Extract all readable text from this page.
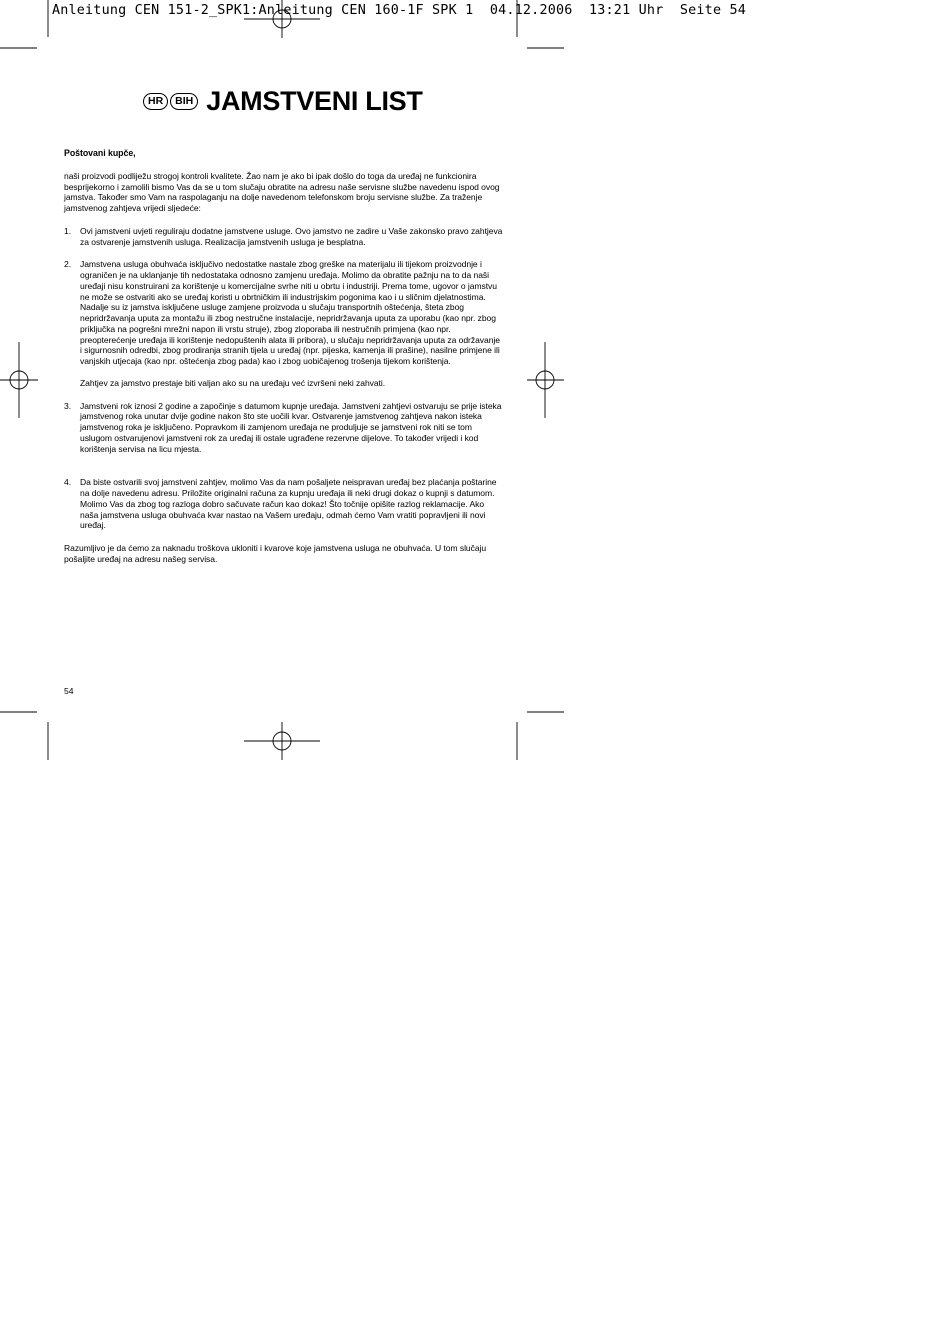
Anleitung CEN 151-2_SPK1:Anleitung CEN 160-1F SPK 1  04.12.2006  13:21 Uhr  Seite 54
HR	BIH JAMSTVENI LIST

Poštovani kupče,

naši proizvodi podliježu strogoj kontroli kvalitete. Žao nam je ako bi ipak došlo do toga da uređaj ne funkcionira besprijekorno i zamolili bismo Vas da se u tom slučaju obratite na adresu naše servisne službe navedenu ispod ovog jamstva. Također smo Vam na raspolaganju na dolje navedenom telefonskom broju servisne službe. Za traženje jamstvenog zahtjeva vrijedi sljedeće:

1.	Ovi jamstveni uvjeti reguliraju dodatne jamstvene usluge. Ovo jamstvo ne zadire u Vaše zakonsko pravo zahtjeva za ostvarenje jamstvenih usluga. Realizacija jamstvenih usluga je besplatna.
2.	Jamstvena usluga obuhvaća isključivo nedostatke nastale zbog greške na materijalu ili tijekom proizvodnje i ograničen je na uklanjanje tih nedostataka odnosno zamjenu uređaja. Molimo da obratite pažnju na to da naši uređaji nisu konstruirani za korištenje u komercijalne svrhe niti u obrtu i industriji. Prema tome, ugovor o jamstvu ne može se ostvariti ako se uređaj koristi u obrtničkim ili industrijskim pogonima kao i u sličnim djelatnostima. Nadalje su iz jamstva isključene usluge zamjene proizvoda u slučaju transportnih oštećenja, šteta zbog nepridržavanja uputa za montažu ili zbog nestručne instalacije, nepridržavanja uputa za uporabu (kao npr. zbog priključka na pogrešni mrežni napon ili vrstu struje), zbog zloporaba ili nestručnih primjena (kao npr. preopterećenje uređaja ili korištenje nedopuštenih alata ili pribora), u slučaju nepridržavanja uputa za održavanje i sigurnosnih odredbi, zbog prodiranja stranih tijela u uređaj (npr. pijeska, kamenja ili prašine), nasilne primjene ili vanjskih utjecaja (kao npr. oštećenja zbog pada) kao i zbog uobičajenog trošenja tijekom korištenja.
Zahtjev za jamstvo prestaje biti valjan ako su na uređaju već izvršeni neki zahvati.
3.	Jamstveni rok iznosi 2 godine a započinje s datumom kupnje uređaja. Jamstveni zahtjevi ostvaruju se prije isteka jamstvenog roka unutar dvije godine nakon što ste uočili kvar. Ostvarenje jamstvenog zahtjeva nakon isteka jamstvenog roka je isključeno. Popravkom ili zamjenom uređaja ne produljuje se jamstveni rok niti se tom uslugom ostvarujenovi jamstveni rok za uređaj ili ostale ugrađene rezervne dijelove. To također vrijedi i kod korištenja servisa na licu mjesta.
4.	Da biste ostvarili svoj jamstveni zahtjev, molimo Vas da nam pošaljete neispravan uređaj bez plaćanja poštarine na dolje navedenu adresu. Priložite originalni računa za kupnju uređaja ili neki drugi dokaz o kupnji s datumom. Molimo Vas da zbog tog razloga dobro sačuvate račun kao dokaz! Što točnije opišite razlog reklamacije. Ako naša jamstvena usluga obuhvaća kvar nastao na Vašem uređaju, odmah ćemo Vam vratiti popravljeni ili novi uređaj.

Razumljivo je da ćemo za naknadu troškova ukloniti i kvarove koje jamstvena usluga ne obuhvaća. U tom slučaju pošaljite uređaj na adresu našeg servisa.

54
